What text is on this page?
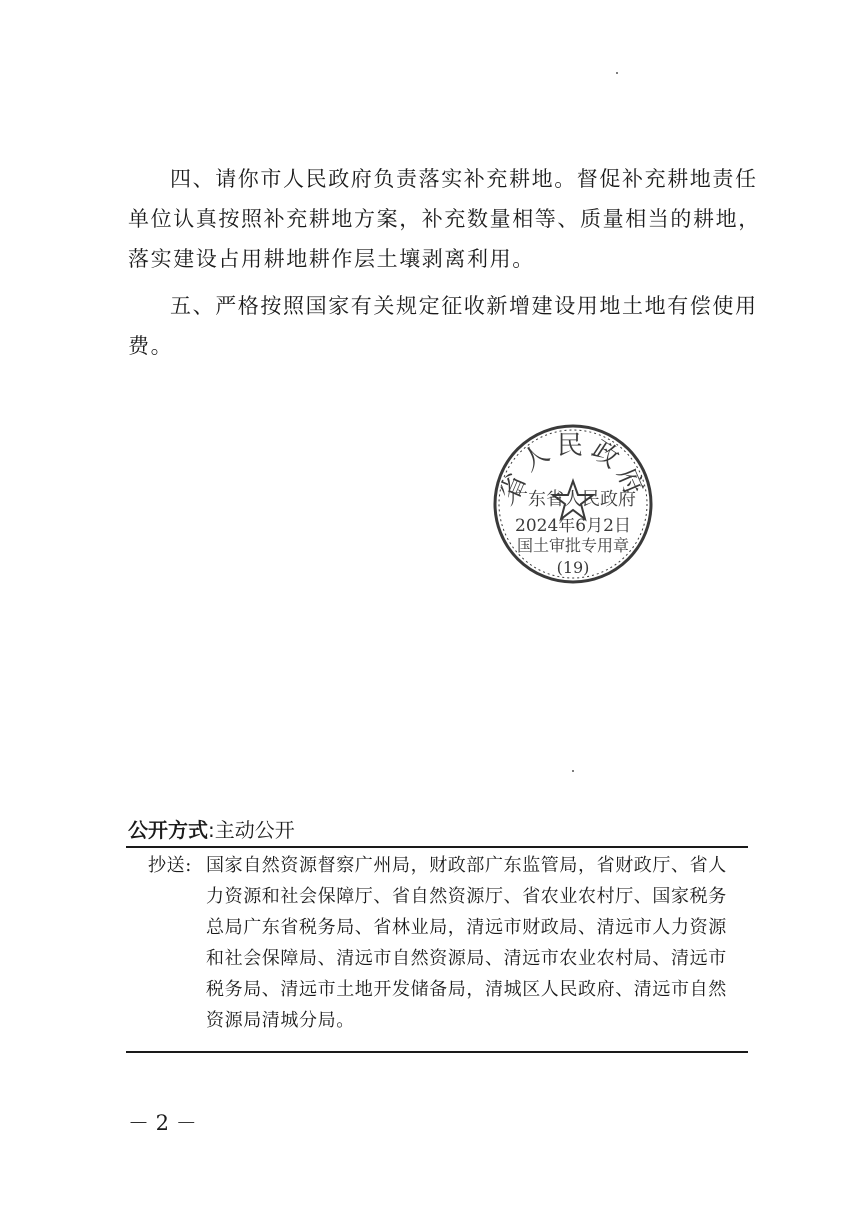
四、请你市人民政府负责落实补充耕地。督促补充耕地责任
单位认真按照补充耕地方案，补充数量相等、质量相当的耕地，
落实建设占用耕地耕作层土壤剥离利用。
五、严格按照国家有关规定征收新增建设用地土地有偿使用
费。
省人民政府
广东省人民政府
2024年6月2日
国土审批专用章
(19)
公开方式:主动公开
抄送: 国家自然资源督察广州局，财政部广东监管局，省财政厅、省人
力资源和社会保障厅、省自然资源厅、省农业农村厅、国家税务
总局广东省税务局、省林业局，清远市财政局、清远市人力资源
和社会保障局、清远市自然资源局、清远市农业农村局、清远市
税务局、清远市土地开发储备局，清城区人民政府、清远市自然
资源局清城分局。
－ 2 －
